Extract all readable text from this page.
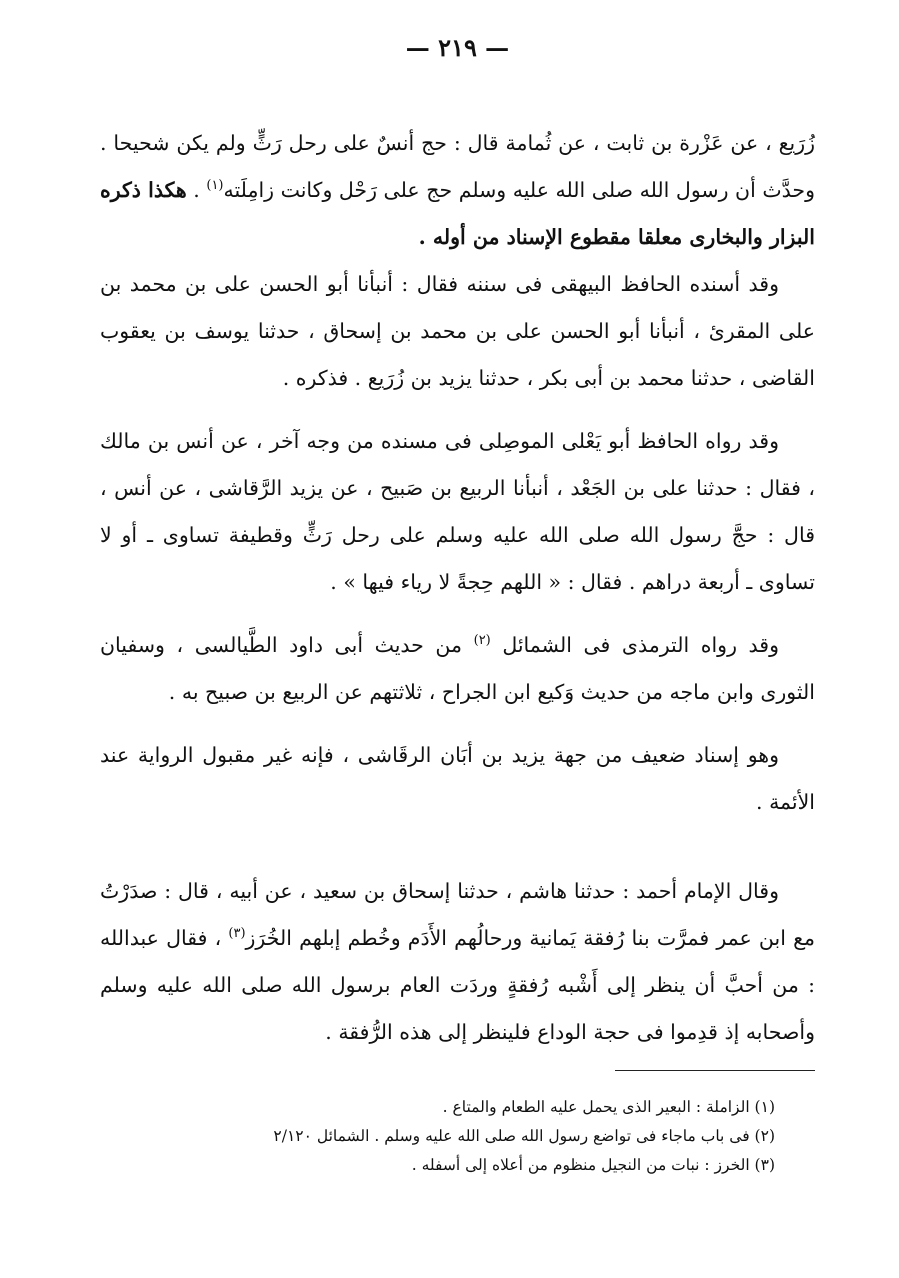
— ٢١٩ —

زُرَيع ، عن عَزْرة بن ثابت ، عن ثُمامة قال : حج أنسٌ على رحل رَثٍّ ولم يكن شحيحا . وحدَّث أن رسول الله صلى الله عليه وسلم حج على رَحْل وكانت زامِلَته$^{(١)}$ . هكذا ذكره البزار والبخارى معلقا مقطوع الإسناد من أوله .

وقد أسنده الحافظ البيهقى فى سننه فقال : أنبأنا أبو الحسن على بن محمد بن على المقرئ ، أنبأنا أبو الحسن على بن محمد بن إسحاق ، حدثنا يوسف بن يعقوب القاضى ، حدثنا محمد بن أبى بكر ، حدثنا يزيد بن زُرَيع . فذكره .

وقد رواه الحافظ أبو يَعْلى الموصِلى فى مسنده من وجه آخر ، عن أنس بن مالك ، فقال : حدثنا على بن الجَعْد ، أنبأنا الربيع بن صَبيح ، عن يزيد الرَّقاشى ، عن أنس ، قال : حجَّ رسول الله صلى الله عليه وسلم على رحل رَثٍّ وقطيفة تساوى ـ أو لا تساوى ـ أربعة دراهم . فقال : « اللهم حِجةً لا رياء فيها » .

وقد رواه الترمذى فى الشمائل $^{(٢)}$ من حديث أبى داود الطَّيالسى ، وسفيان الثورى وابن ماجه من حديث وَكيع ابن الجراح ، ثلاثتهم عن الربيع بن صبيح به .

وهو إسناد ضعيف من جهة يزيد بن أبَان الرقَاشى ، فإنه غير مقبول الرواية عند الأئمة .

وقال الإمام أحمد : حدثنا هاشم ، حدثنا إسحاق بن سعيد ، عن أبيه ، قال : صدَرْتُ مع ابن عمر فمرَّت بنا رُفقة يَمانية ورحالُهم الأَدَم وخُطم إبلهم الخُرَز$^{(٣)}$ ، فقال عبدالله : من أحبَّ أن ينظر إلى أَشْبه رُفقةٍ وردَت العام برسول الله صلى الله عليه وسلم وأصحابه إذ قدِموا فى حجة الوداع فلينظر إلى هذه الرُّفقة .

(١) الزاملة : البعير الذى يحمل عليه الطعام والمتاع .

(٢) فى باب ماجاء فى تواضع رسول الله صلى الله عليه وسلم . الشمائل ٢/١٢٠

(٣) الخرز : نبات من النجيل منظوم من أعلاه إلى أسفله .
